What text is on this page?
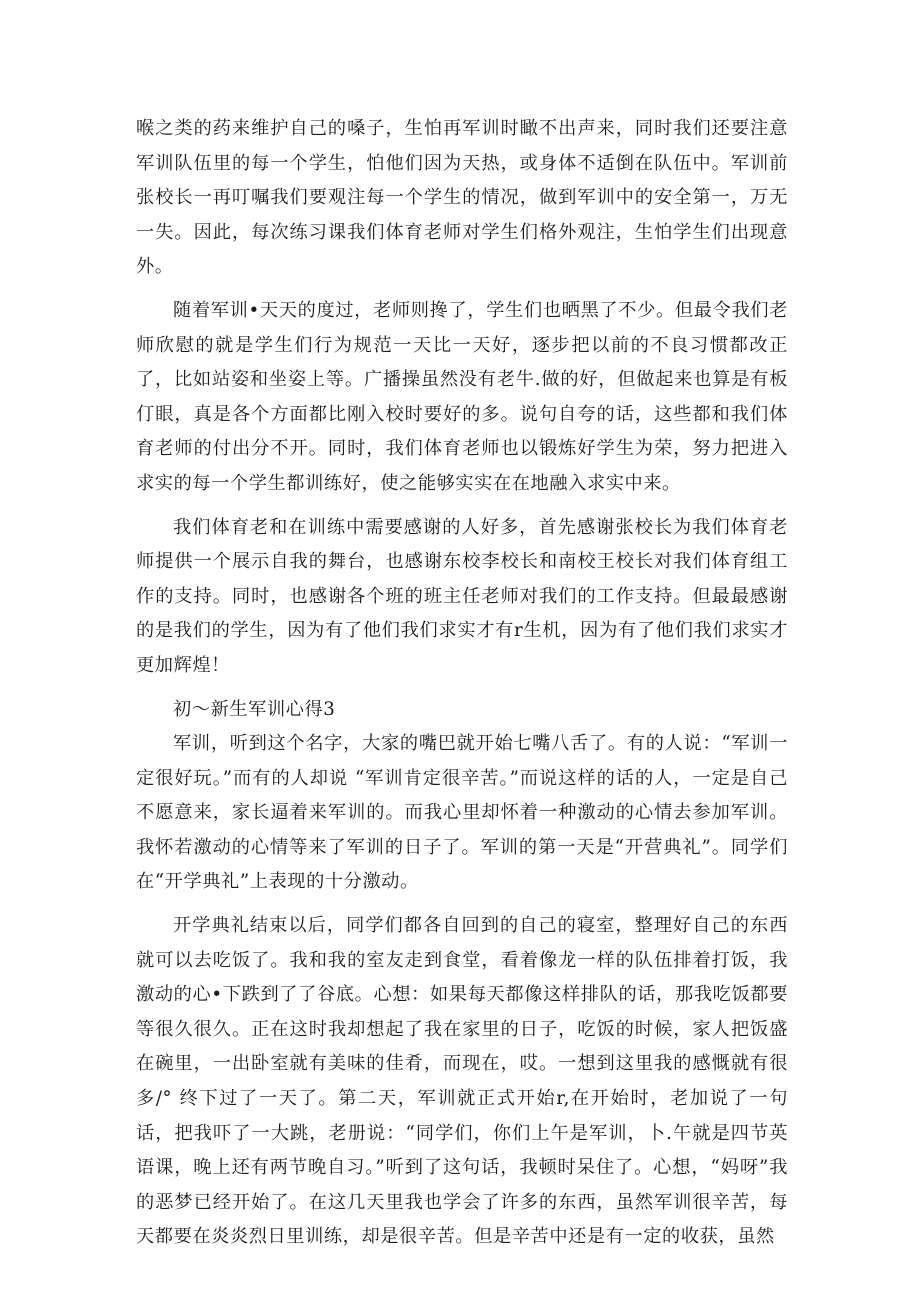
喉之类的药来维护自己的嗓子，生怕再军训时瞰不出声来，同时我们还要注意军训队伍里的每一个学生，怕他们因为天热，或身体不适倒在队伍中。军训前张校长一再叮嘱我们要观注每一个学生的情况，做到军训中的安全第一，万无一失。因此，每次练习课我们体育老师对学生们格外观注，生怕学生们出现意外。

随着军训•天天的度过，老师则搀了，学生们也晒黑了不少。但最令我们老师欣慰的就是学生们行为规范一天比一天好，逐步把以前的不良习惯都改正了，比如站姿和坐姿上等。广播操虽然没有老牛.做的好，但做起来也算是有板仃眼，真是各个方面都比刚入校时要好的多。说句自夸的话，这些都和我们体育老师的付出分不开。同时，我们体育老师也以锻炼好学生为荣，努力把进入求实的每一个学生都训练好，使之能够实实在在地融入求实中来。

我们体育老和在训练中需要感谢的人好多，首先感谢张校长为我们体育老师提供一个展示自我的舞台，也感谢东校李校长和南校王校长对我们体育组工作的支持。同时，也感谢各个班的班主任老师对我们的工作支持。但最最感谢的是我们的学生，因为有了他们我们求实才有r生机，因为有了他们我们求实才更加辉煌！

初〜新生军训心得3

军训，听到这个名字，大家的嘴巴就开始七嘴八舌了。有的人说：“军训一定很好玩。”而有的人却说 “军训肯定很辛苦。”而说这样的话的人，一定是自己不愿意来，家长逼着来军训的。而我心里却怀着一种激动的心情去参加军训。我怀若激动的心情等来了军训的日子了。军训的第一天是“开营典礼”。同学们在“开学典礼”上表现的十分激动。

开学典礼结束以后，同学们都各自回到的自己的寝室，整理好自己的东西就可以去吃饭了。我和我的室友走到食堂，看着像龙一样的队伍排着打饭，我激动的心•下跌到了了谷底。心想：如果每天都像这样排队的话，那我吃饭都要等很久很久。正在这时我却想起了我在家里的日子，吃饭的时候，家人把饭盛在碗里，一出卧室就有美味的佳肴，而现在，哎。一想到这里我的感慨就有很多/° 终下过了一天了。第二天，军训就正式开始r,在开始时，老加说了一句话，把我吓了一大跳，老册说：“同学们，你们上午是军训，卜.午就是四节英语课，晚上还有两节晚自习。”听到了这句话，我顿时呆住了。心想，“妈呀”我的恶梦已经开始了。在这几天里我也学会了许多的东西，虽然军训很辛苦，每天都要在炎炎烈日里训练，却是很辛苦。但是辛苦中还是有一定的收获，虽然
